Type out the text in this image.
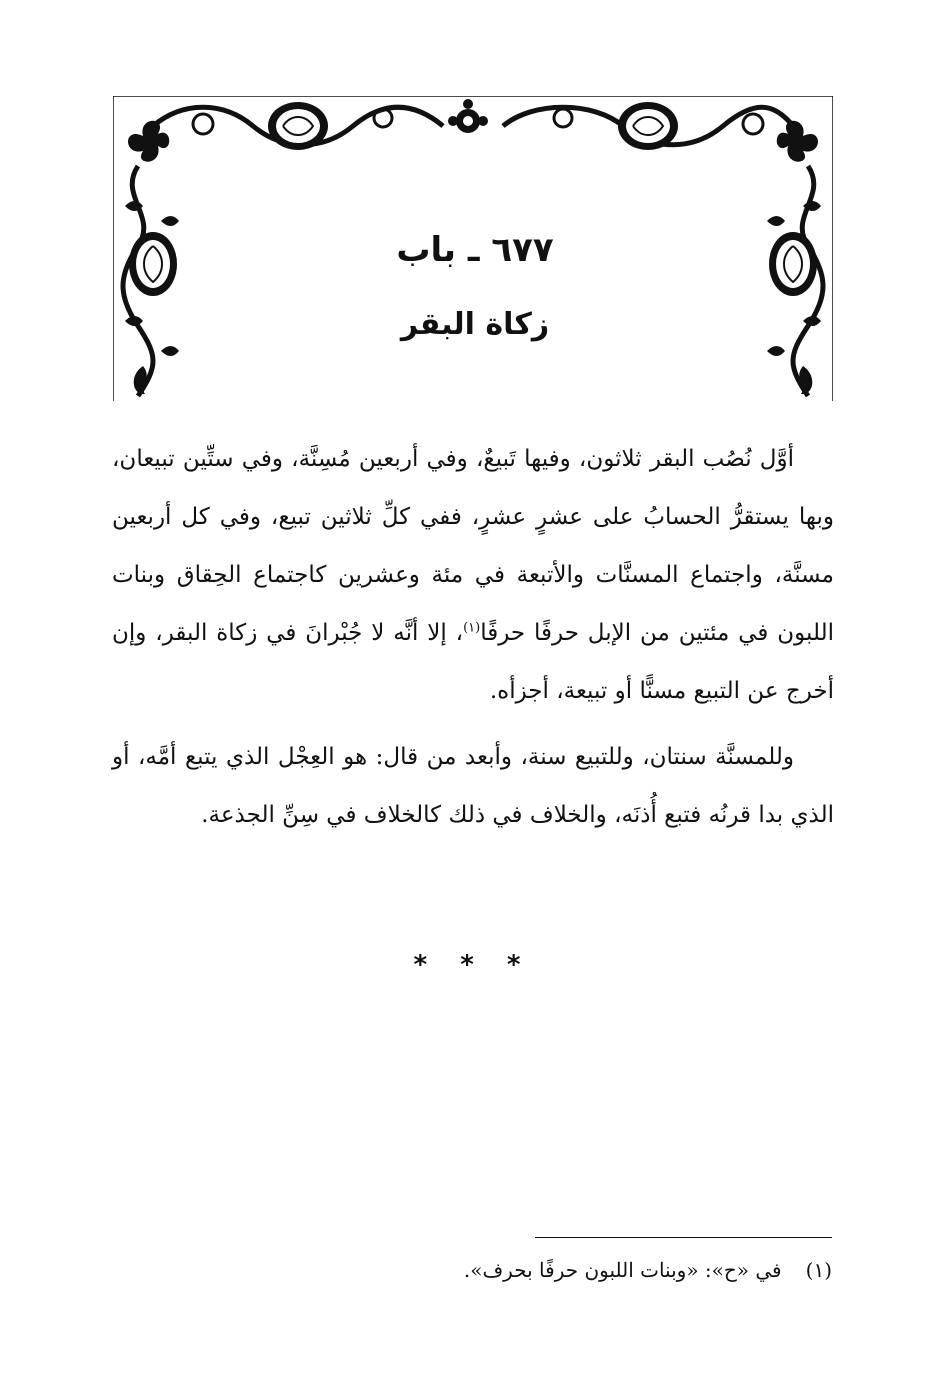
٦٧٧ ـ باب
زكاة البقر

أوَّل نُصُب البقر ثلاثون، وفيها تَبيعٌ، وفي أربعين مُسِنَّة، وفي ستِّين تبيعان، وبها يستقرُّ الحسابُ على عشرٍ عشرٍ، ففي كلِّ ثلاثين تبيع، وفي كل أربعين مسنَّة، واجتماع المسنَّات والأتبعة في مئة وعشرين كاجتماع الحِقاق وبنات اللبون في مئتين من الإبل حرفًا حرفًا$^{(١)}$، إلا أنَّه لا جُبْرانَ في زكاة البقر، وإن أخرج عن التبيع مسنًّا أو تبيعة، أجزأه.

وللمسنَّة سنتان، وللتبيع سنة، وأبعد من قال: هو العِجْل الذي يتبع أمَّه، أو الذي بدا قرنُه فتبع أُذنَه، والخلاف في ذلك كالخلاف في سِنِّ الجذعة.

* * *
(١)في «ح»: «وبنات اللبون حرفًا بحرف».
